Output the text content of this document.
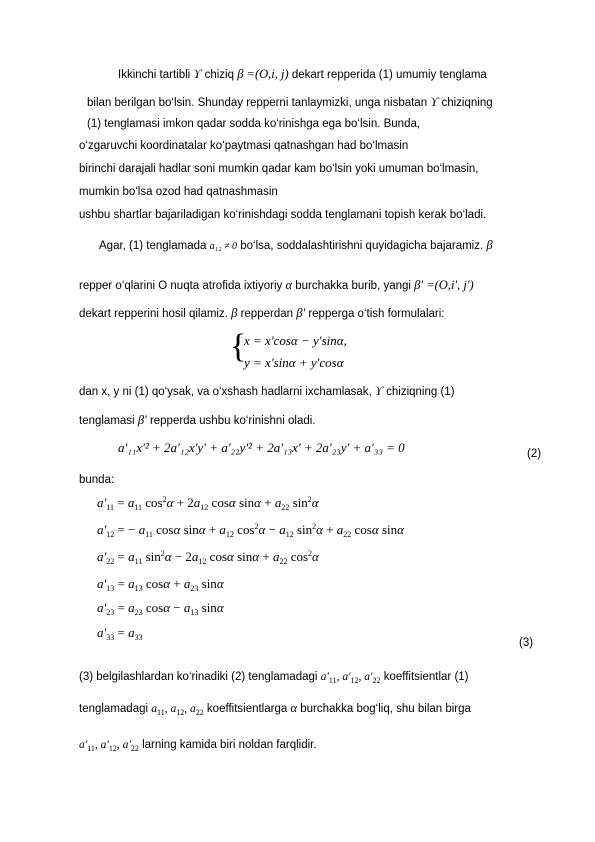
Ikkinchi tartibli ϒ chiziq β =(O,i, j) dekart repperida (1) umumiy tenglama
bilan berilgan bo‘lsin. Shunday repperni tanlaymizki, unga nisbatan ϒ chiziqning
(1) tenglamasi imkon qadar sodda ko‘rinishga ega bo‘lsin. Bunda,
o‘zgaruvchi koordinatalar ko‘paytmasi qatnashgan had bo‘lmasin
birinchi darajali hadlar soni mumkin qadar kam bo‘lsin yoki umuman bo‘lmasin,
mumkin bo‘lsa ozod had qatnashmasin
ushbu shartlar bajariladigan ko‘rinishdagi sodda tenglamani topish kerak bo‘ladi.
Agar, (1) tenglamada a₁₂ ≠ 0 bo‘lsa, soddalashtirishni quyidagicha bajaramiz. β
repper o‘qlarini O nuqta atrofida ixtiyoriy α burchakka burib, yangi β' =(O,i', j')
dekart repperini hosil qilamiz. β repperdan β' repperga o‘tish formulalari:
{
x = x'cosα − y'sinα,
y = x'sinα + y'cosα
dan x, y ni (1) qo‘ysak, va o‘xshash hadlarni ixchamlasak, ϒ chiziqning (1)
tenglamasi β' repperda ushbu ko‘rinishni oladi.
a'₁₁x'² + 2a'₁₂x'y' + a'₂₂y'² + 2a'₁₃x' + 2a'₂₃y' + a'₃₃ = 0	(2)
bunda:
$a'_{11} = a_{11}$ $\cos^2\alpha + 2a_{12}$ cosα $\sin\alpha + a_{22}$ $\sin^2\alpha$
$a'_{12}$ = − $a_{11}$ cosα $\sin\alpha + a_{12}$ $\cos^2\alpha - a_{12}$ $\sin^2\alpha + a_{22}$ cosα sinα
$a'_{22} = a_{11}$ $\sin^2\alpha - 2a_{12}$ cosα $\sin\alpha + a_{22}$ $\cos^2\alpha$
$a'_{13} = a_{13}$ $\cos\alpha + a_{23}$ sinα
$a'_{23} = a_{23}$ $\cos\alpha - a_{13}$ sinα
$a'_{33} = a_{33}$	(3)
(3) belgilashlardan ko‘rinadiki (2) tenglamadagi $a'_{11}$, $a'_{12}$, $a'_{22}$ koeffitsientlar (1)
tenglamadagi $a_{11}$, $a_{12}$, $a_{22}$ koeffitsientlarga α burchakka bog‘liq, shu bilan birga
$a'_{11}$, $a'_{12}$, $a'_{22}$ larning kamida biri noldan farqlidir.
